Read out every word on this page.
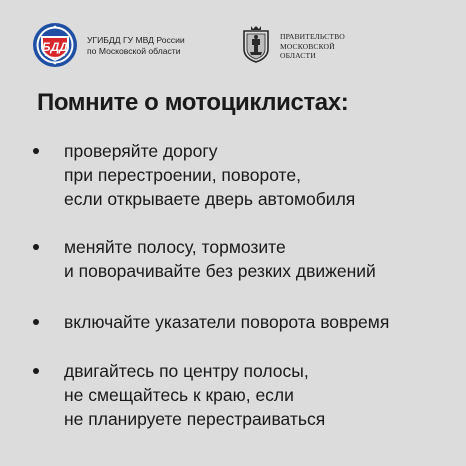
БДД УГИБДД ГУ МВД России
по Московской области
ПРАВИТЕЛЬСТВО
МОСКОВСКОЙ
ОБЛАСТИ
Помните о мотоциклистах:
проверяйте дорогу
при перестроении, повороте,
если открываете дверь автомобиля
меняйте полосу, тормозите
и поворачивайте без резких движений
включайте указатели поворота вовремя
двигайтесь по центру полосы,
не смещайтесь к краю, если
не планируете перестраиваться
